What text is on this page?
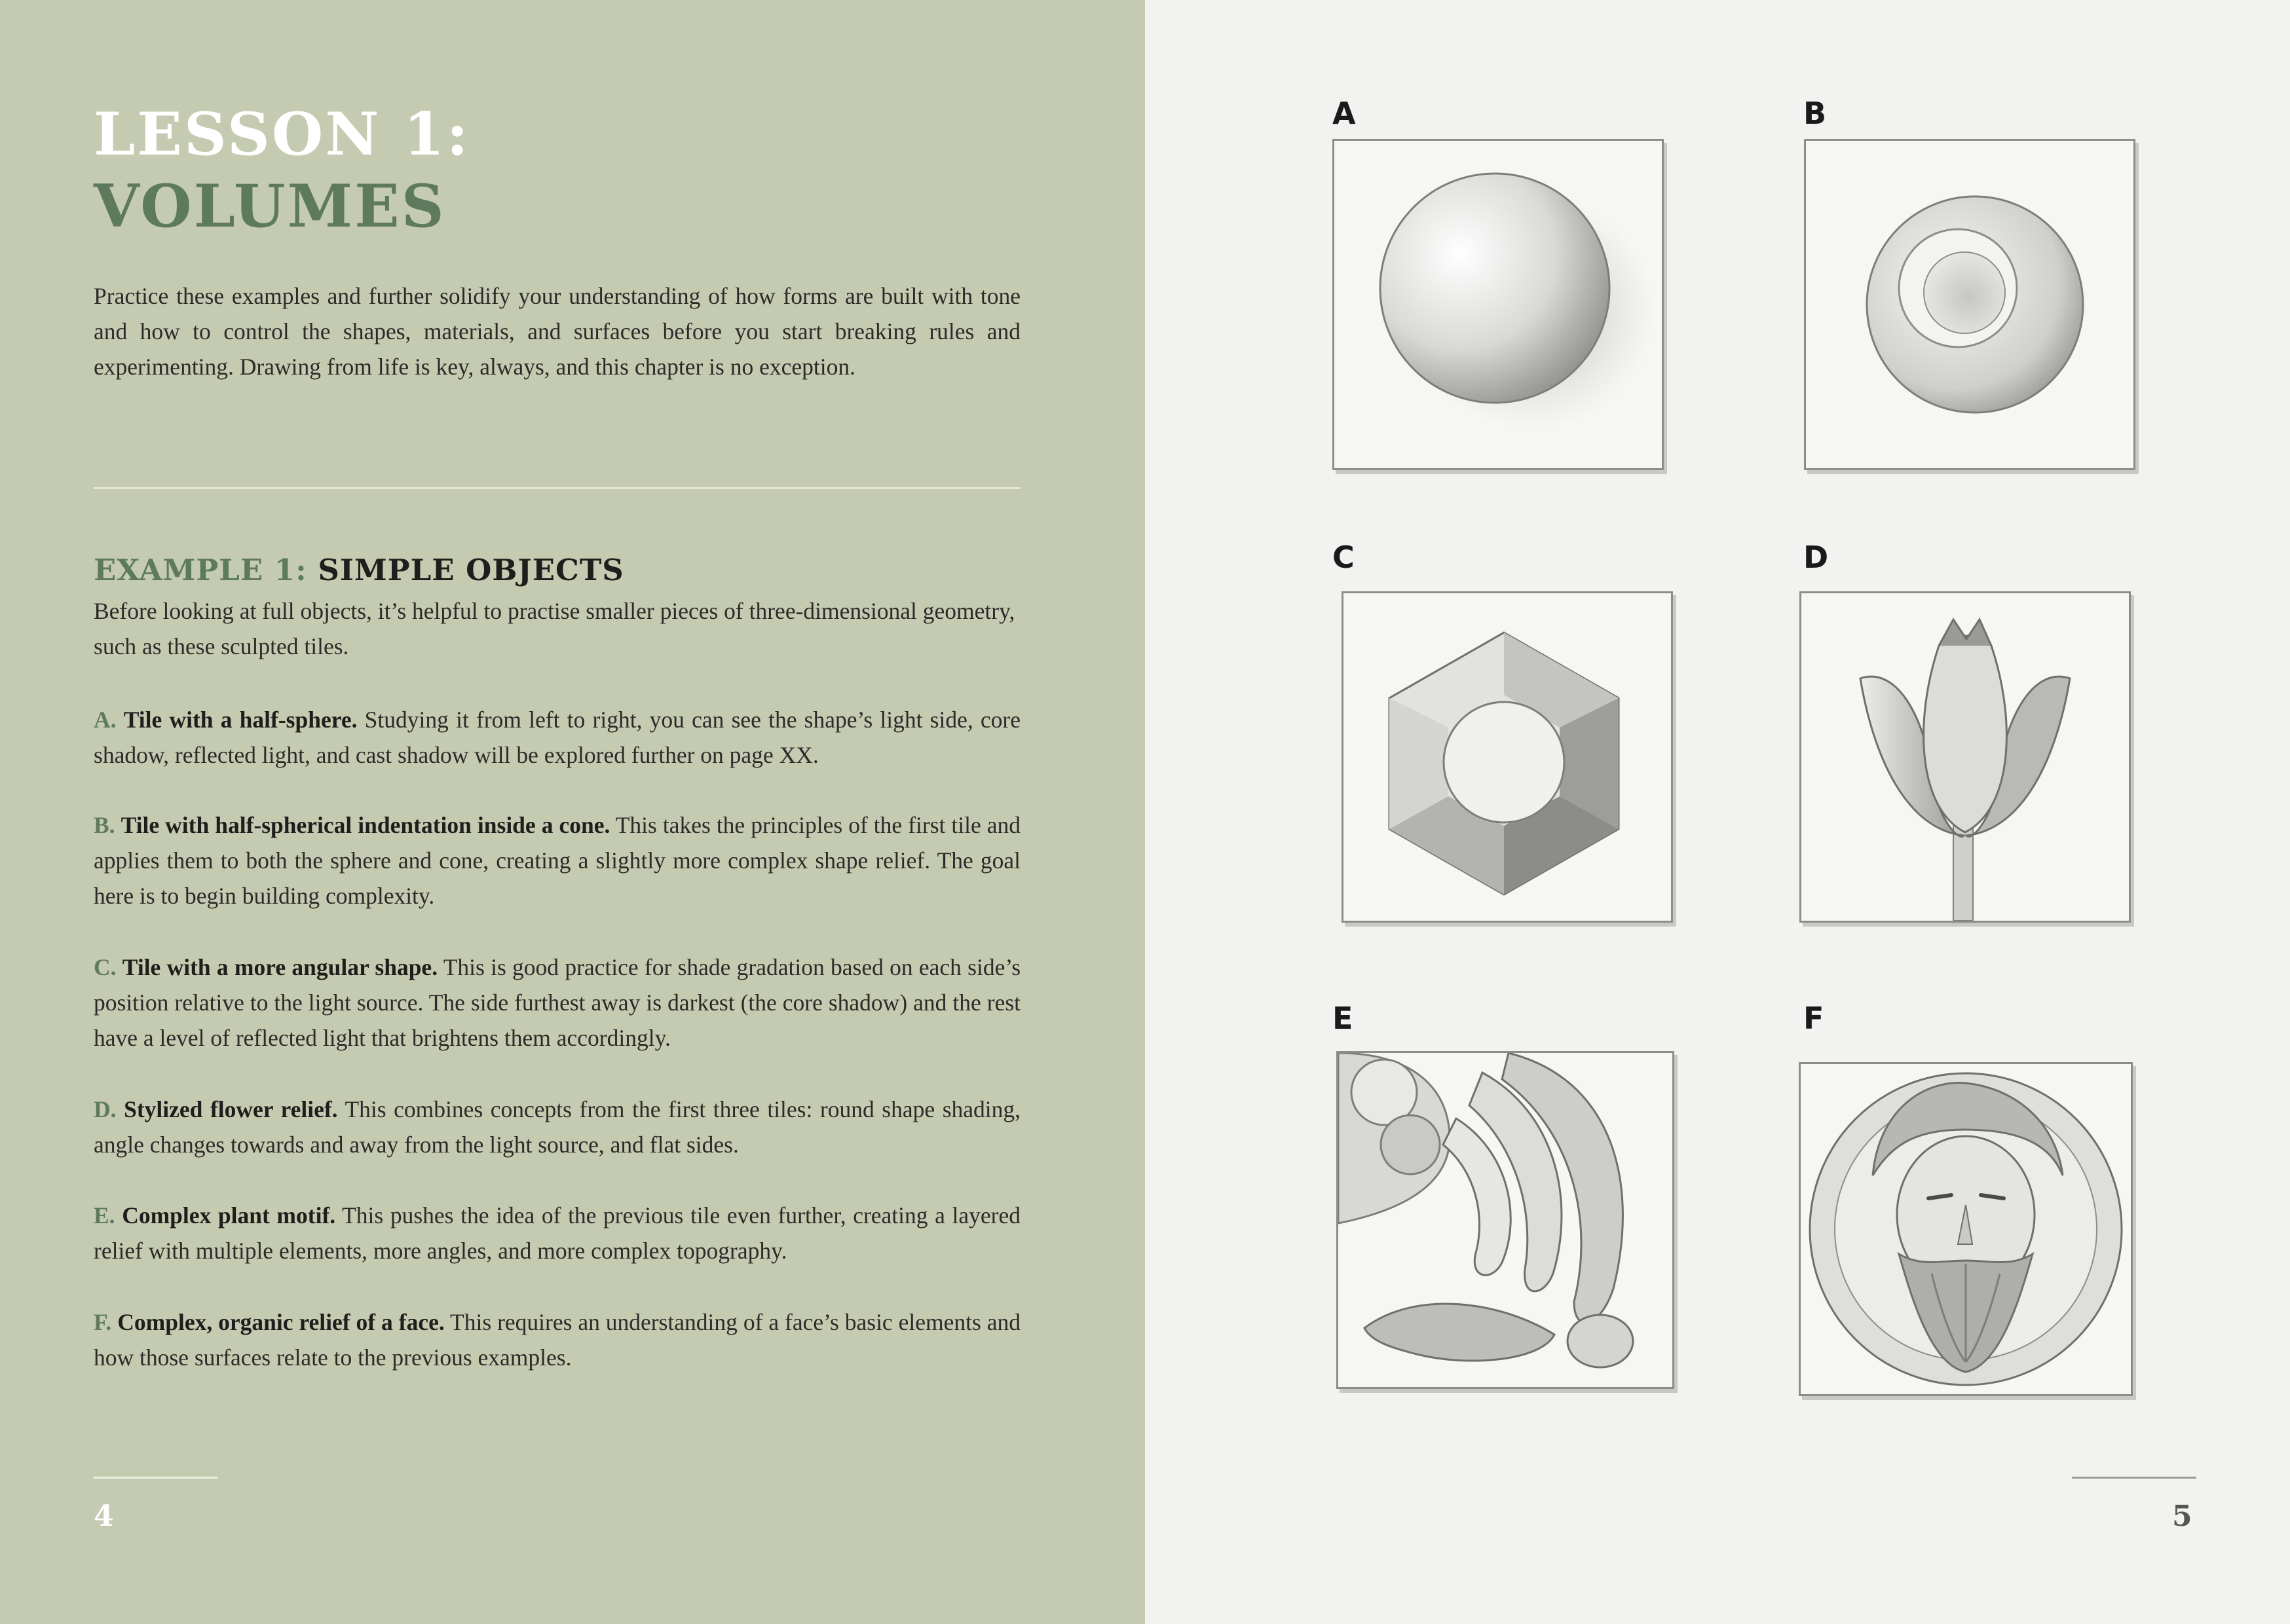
LESSON 1:
VOLUMES
Practice these examples and further solidify your understanding of how forms are built with tone and how to control the shapes, materials, and surfaces before you start breaking rules and experimenting. Drawing from life is key, always, and this chapter is no exception.
EXAMPLE 1: SIMPLE OBJECTS
Before looking at full objects, it’s helpful to practise smaller pieces of three-dimensional geometry, such as these sculpted tiles.
A. Tile with a half-sphere. Studying it from left to right, you can see the shape’s light side, core shadow, reflected light, and cast shadow will be explored further on page XX.
B. Tile with half-spherical indentation inside a cone. This takes the principles of the first tile and applies them to both the sphere and cone, creating a slightly more complex shape relief. The goal here is to begin building complexity.
C. Tile with a more angular shape. This is good practice for shade gradation based on each side’s position relative to the light source. The side furthest away is darkest (the core shadow) and the rest have a level of reflected light that brightens them accordingly.
D. Stylized flower relief. This combines concepts from the first three tiles: round shape shading, angle changes towards and away from the light source, and flat sides.
E. Complex plant motif. This pushes the idea of the previous tile even further, creating a layered relief with multiple elements, more angles, and more complex topography.
F. Complex, organic relief of a face. This requires an understanding of a face’s basic elements and how those surfaces relate to the previous examples.
4	5
A	B
C	D
E	F
